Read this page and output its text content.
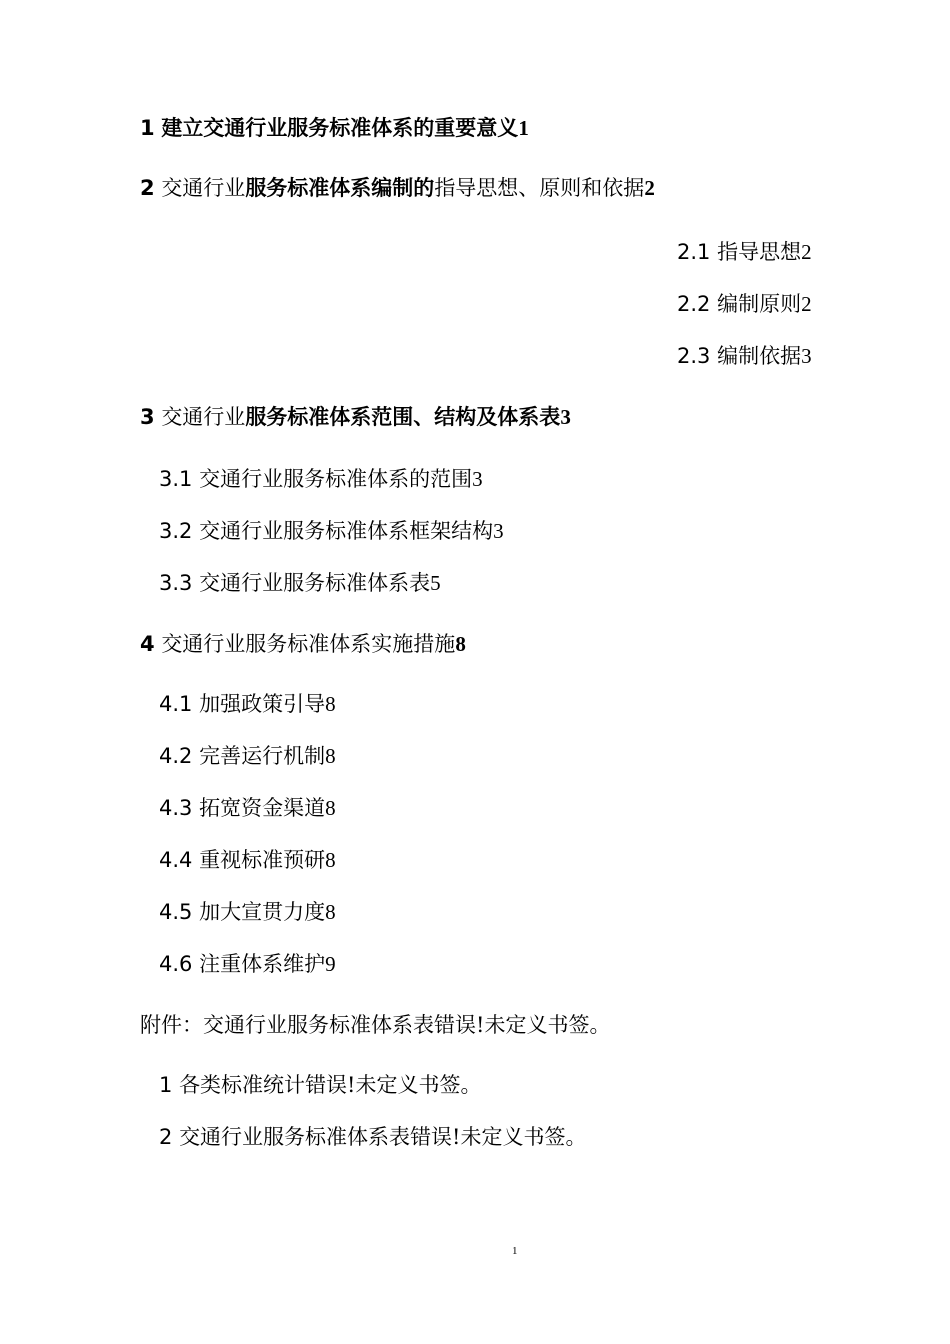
1 建立交通行业服务标准体系的重要意义1
2 交通行业服务标准体系编制的指导思想、原则和依据2
2.1 指导思想2
2.2 编制原则2
2.3 编制依据3
3 交通行业服务标准体系范围、结构及体系表3
3.1 交通行业服务标准体系的范围3
3.2 交通行业服务标准体系框架结构3
3.3 交通行业服务标准体系表5
4 交通行业服务标准体系实施措施8
4.1 加强政策引导8
4.2 完善运行机制8
4.3 拓宽资金渠道8
4.4 重视标准预研8
4.5 加大宣贯力度8
4.6 注重体系维护9
附件：交通行业服务标准体系表错误!未定义书签。
1 各类标准统计错误!未定义书签。
2 交通行业服务标准体系表错误!未定义书签。
1
